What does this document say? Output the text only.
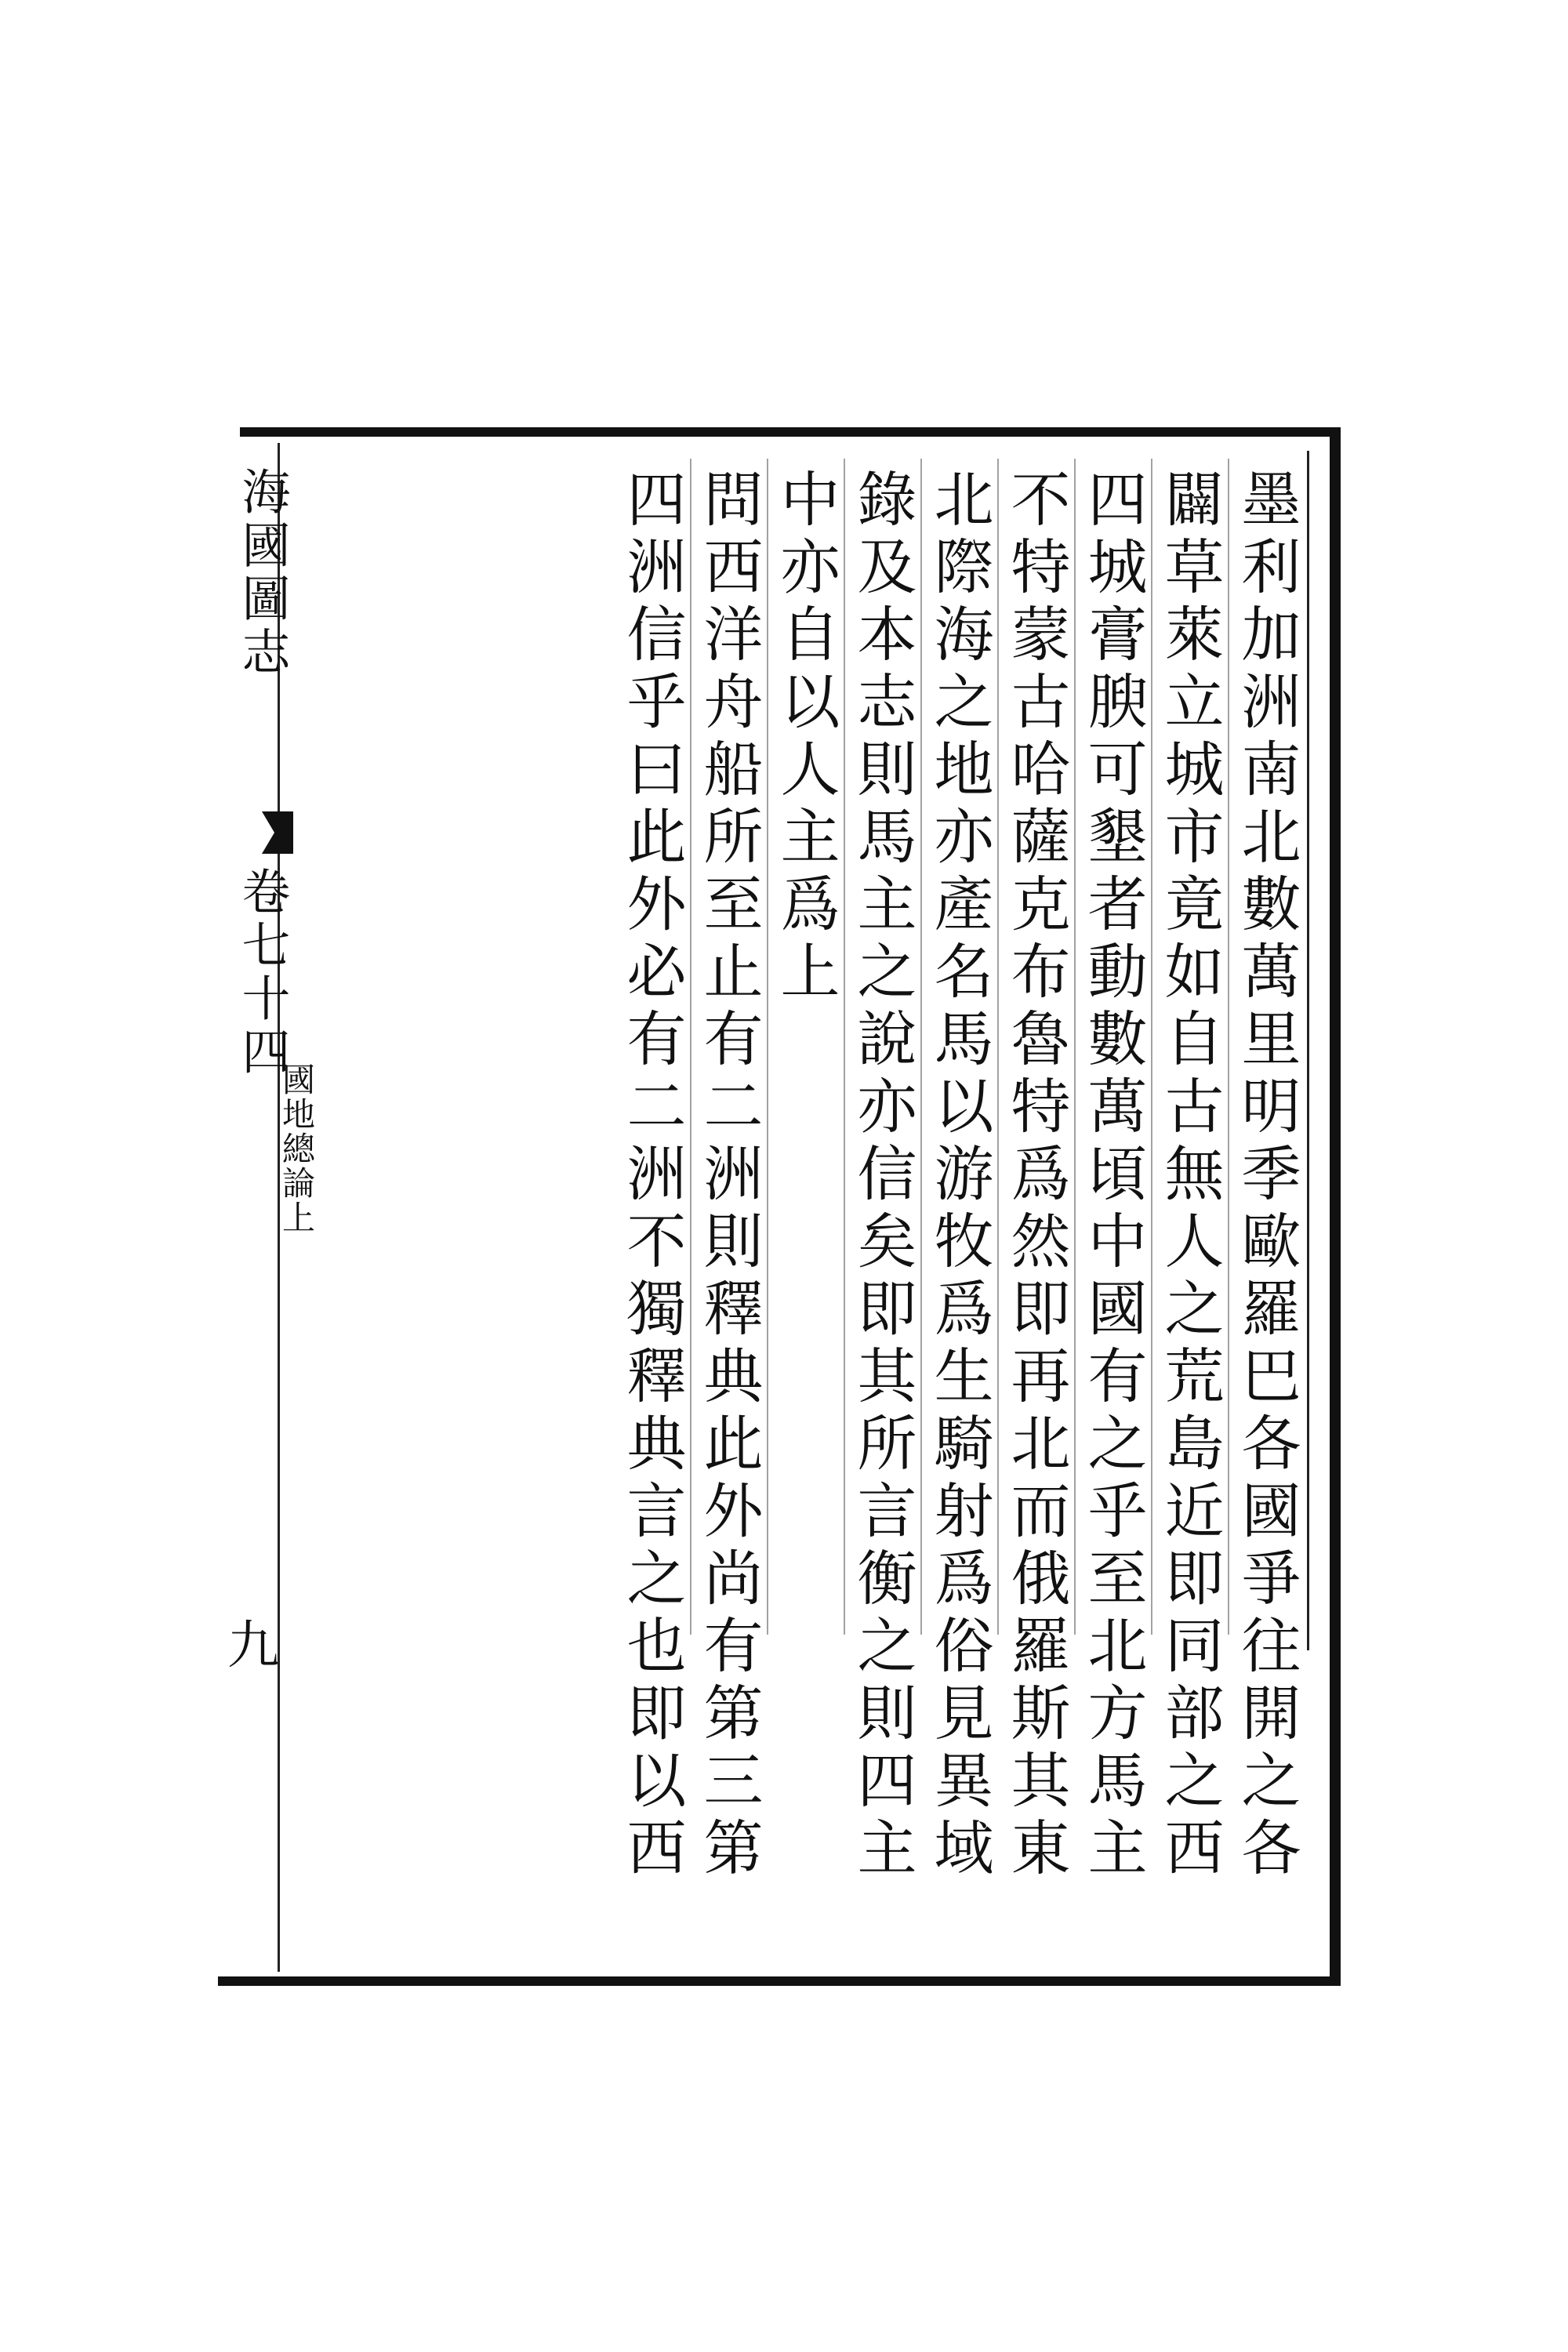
海國圖志
卷七十四
國地總論上
九	墨利加洲南北數萬里明季歐羅巴各國爭往開之各
闢草萊立城市竟如自古無人之荒島近即同部之西
四城膏腴可墾者動數萬頃中國有之乎至北方馬主
不特蒙古哈薩克布魯特爲然即再北而俄羅斯其東
北際海之地亦產名馬以游牧爲生騎射爲俗見異域
錄及本志則馬主之說亦信矣即其所言衡之則四主
中亦自以人主爲上
問西洋舟船所至止有二洲則釋典此外尚有第三第
四洲信乎曰此外必有二洲不獨釋典言之也即以西
